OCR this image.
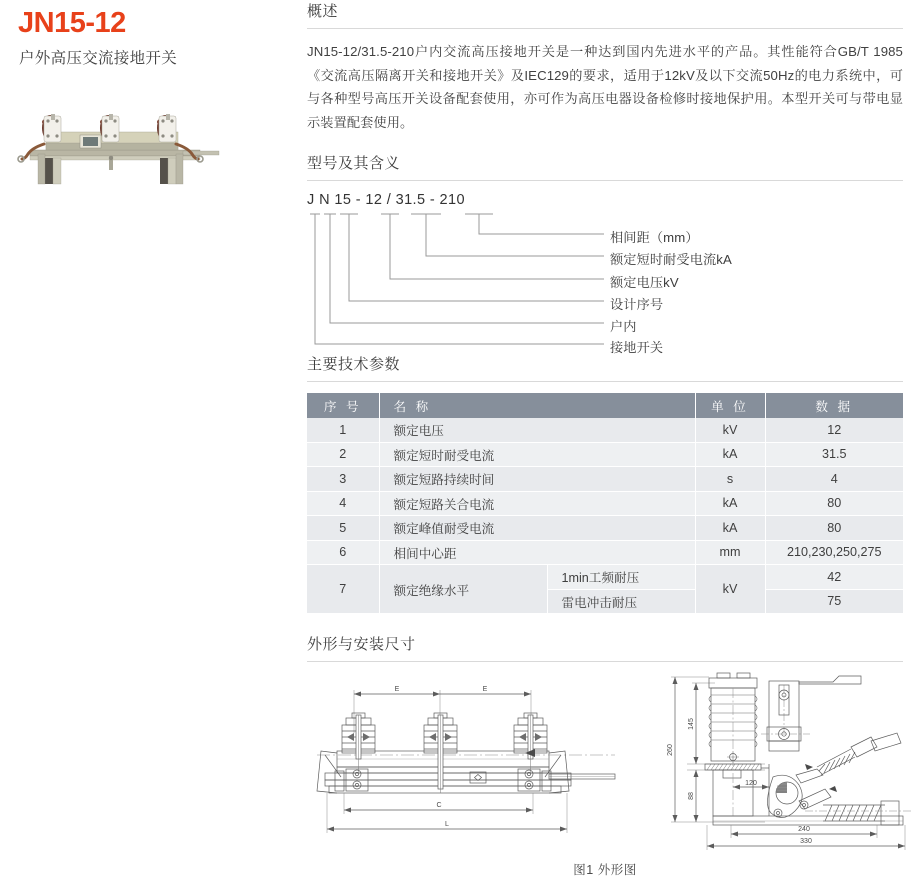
JN15-12
户外高压交流接地开关
概述
JN15-12/31.5-210户内交流高压接地开关是一种达到国内先进水平的产品。其性能符合GB/T 1985《交流高压隔离开关和接地开关》及IEC129的要求，适用于12kV及以下交流50Hz的电力系统中，可与各种型号高压开关设备配套使用，亦可作为高压电器设备检修时接地保护用。本型开关可与带电显示装置配套使用。
型号及其含义
J N 15 - 12 / 31.5 - 210
相间距（mm）
额定短时耐受电流kA
额定电压kV
设计序号
户内
接地开关
主要技术参数
序 号	名 称		单 位	数 据
1	额定电压		kV	12
2	额定短时耐受电流		kA	31.5
3	额定短路持续时间		s	4
4	额定短路关合电流		kA	80
5	额定峰值耐受电流		kA	80
6	相间中心距		mm	210,230,250,275
7	额定绝缘水平	1min工频耐压	kV	42
		雷电冲击耐压		75
外形与安装尺寸
E	E
C
L
260
145
88
120
240
330
图1 外形图
